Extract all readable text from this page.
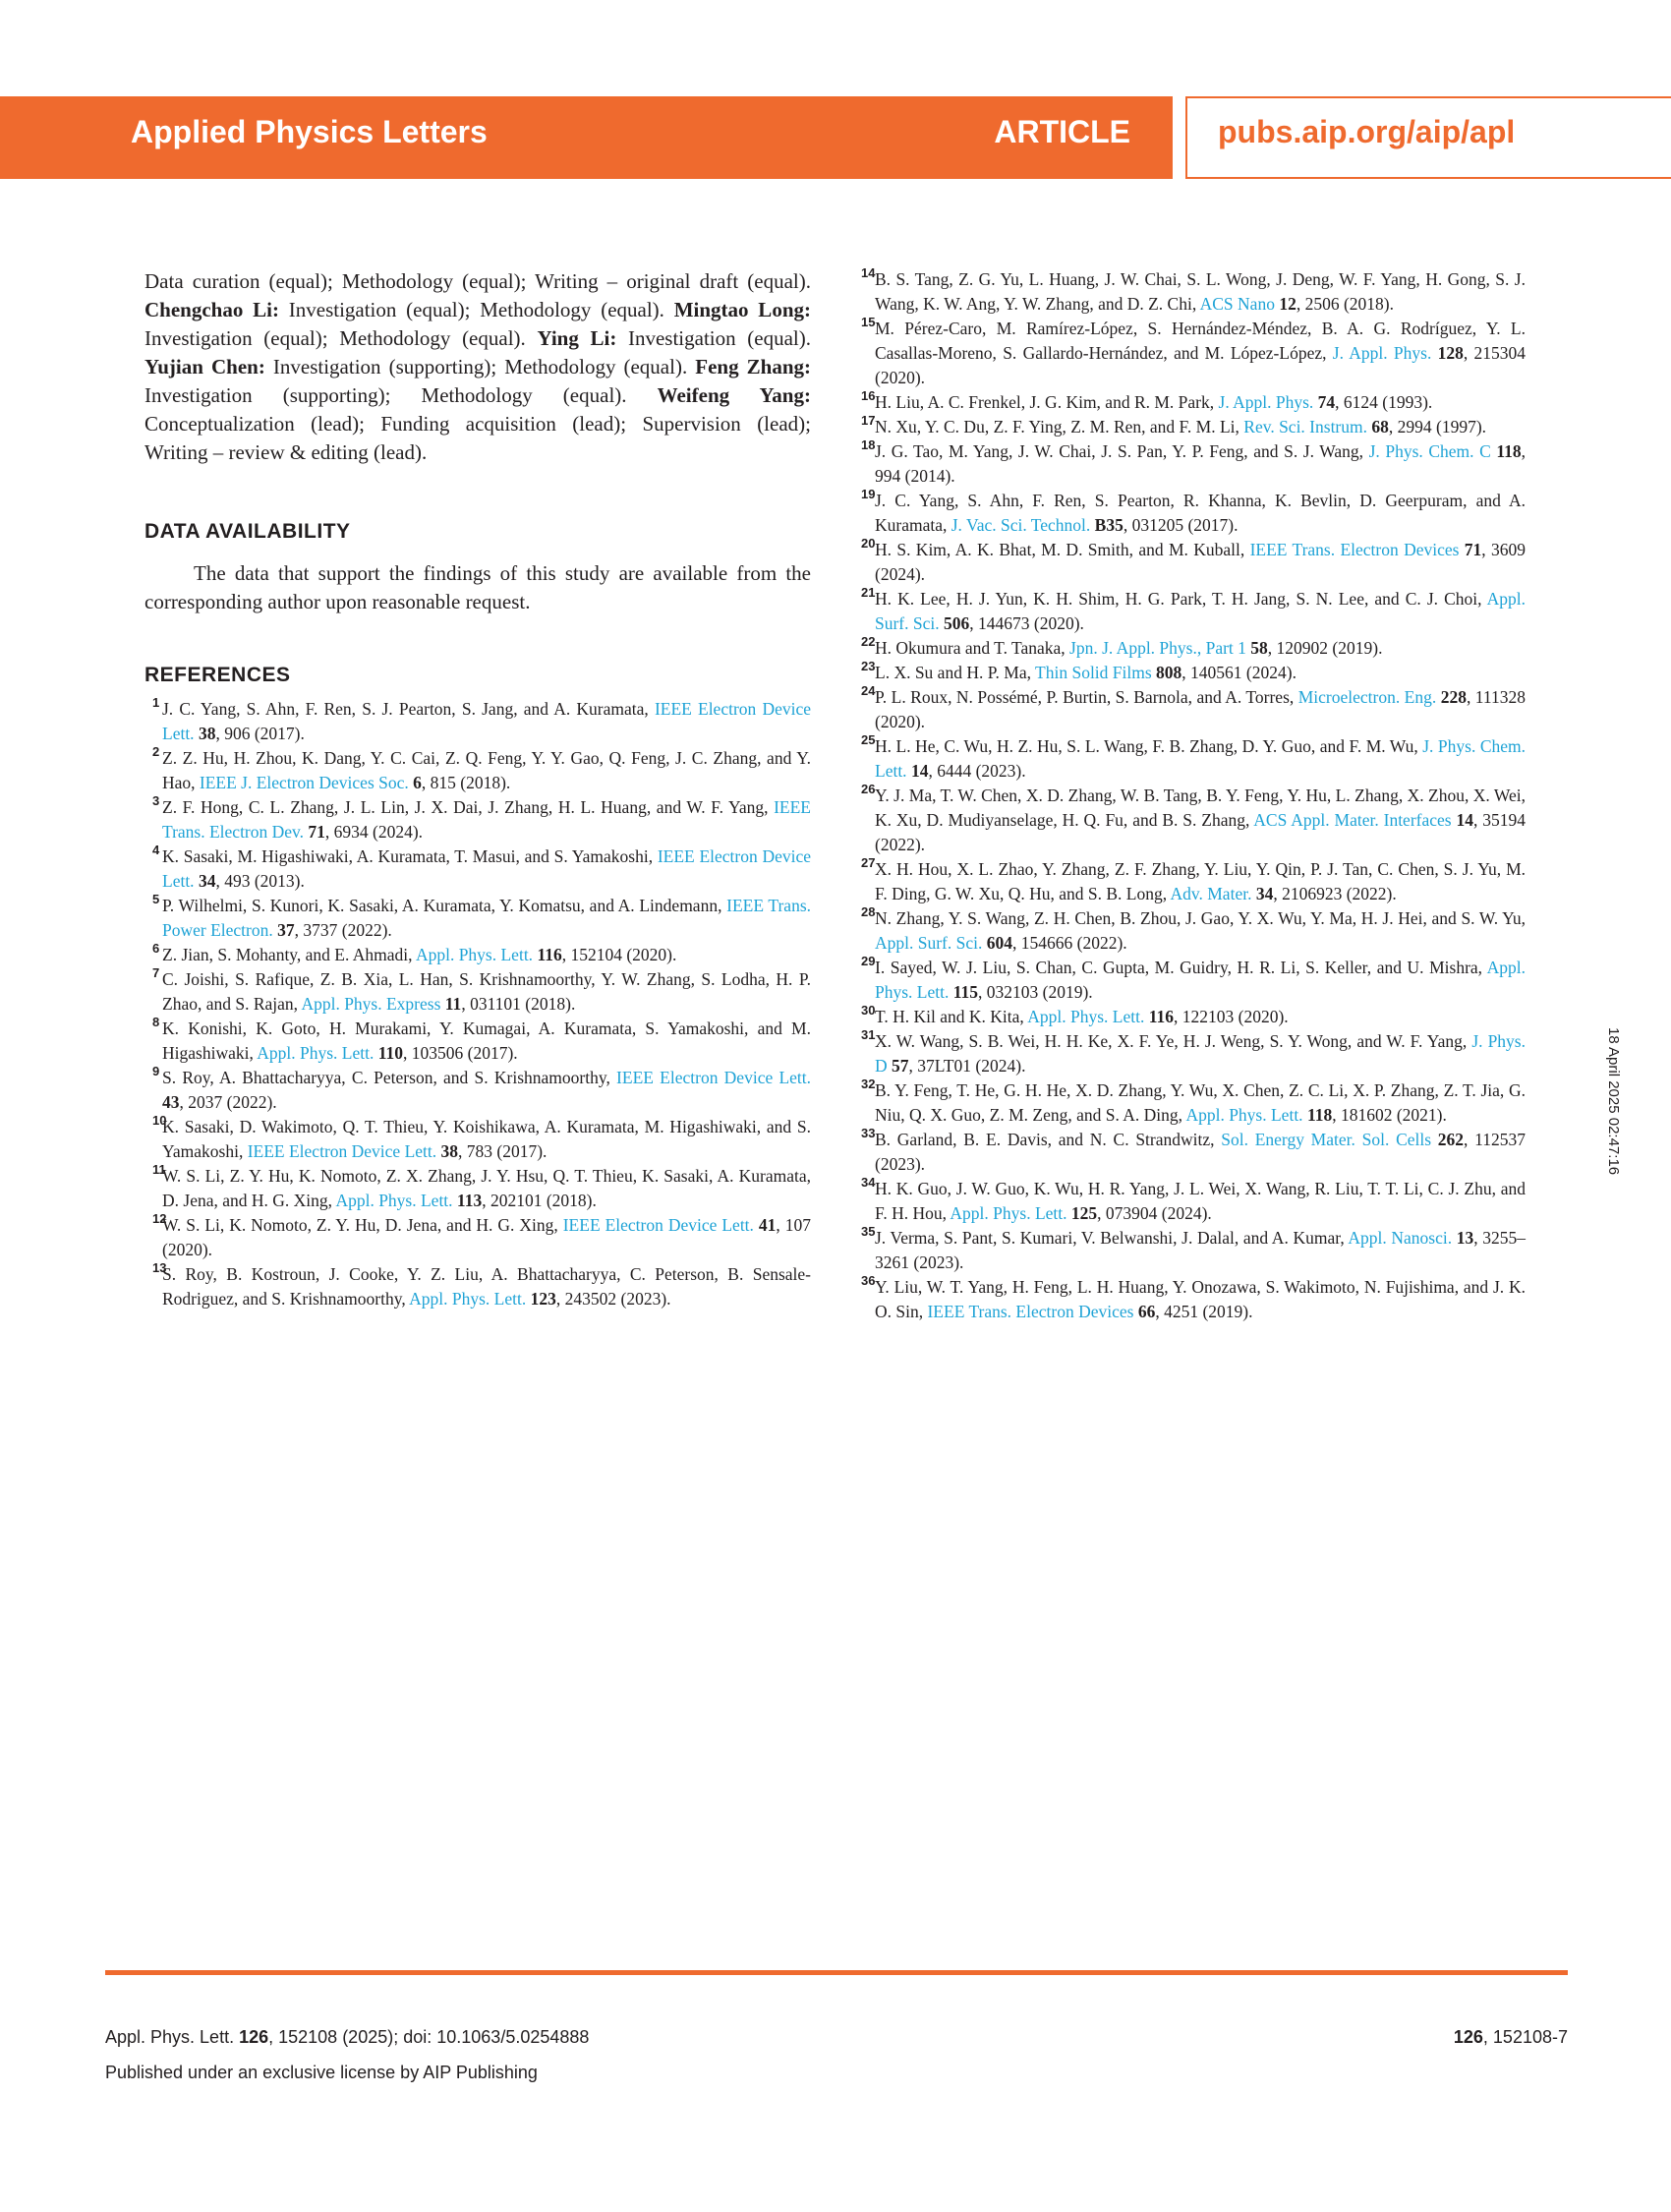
Applied Physics Letters	ARTICLE	pubs.aip.org/aip/apl

Data curation (equal); Methodology (equal); Writing – original draft (equal). Chengchao Li: Investigation (equal); Methodology (equal). Mingtao Long: Investigation (equal); Methodology (equal). Ying Li: Investigation (equal). Yujian Chen: Investigation (supporting); Methodology (equal). Feng Zhang: Investigation (supporting); Methodology (equal). Weifeng Yang: Conceptualization (lead); Funding acquisition (lead); Supervision (lead); Writing – review & editing (lead).

DATA AVAILABILITY

The data that support the findings of this study are available from the corresponding author upon reasonable request.

REFERENCES

1 J. C. Yang, S. Ahn, F. Ren, S. J. Pearton, S. Jang, and A. Kuramata, IEEE Electron Device Lett. 38, 906 (2017).

2 Z. Z. Hu, H. Zhou, K. Dang, Y. C. Cai, Z. Q. Feng, Y. Y. Gao, Q. Feng, J. C. Zhang, and Y. Hao, IEEE J. Electron Devices Soc. 6, 815 (2018).

3 Z. F. Hong, C. L. Zhang, J. L. Lin, J. X. Dai, J. Zhang, H. L. Huang, and W. F. Yang, IEEE Trans. Electron Dev. 71, 6934 (2024).

4 K. Sasaki, M. Higashiwaki, A. Kuramata, T. Masui, and S. Yamakoshi, IEEE Electron Device Lett. 34, 493 (2013).

5 P. Wilhelmi, S. Kunori, K. Sasaki, A. Kuramata, Y. Komatsu, and A. Lindemann, IEEE Trans. Power Electron. 37, 3737 (2022).

6 Z. Jian, S. Mohanty, and E. Ahmadi, Appl. Phys. Lett. 116, 152104 (2020).

7 C. Joishi, S. Rafique, Z. B. Xia, L. Han, S. Krishnamoorthy, Y. W. Zhang, S. Lodha, H. P. Zhao, and S. Rajan, Appl. Phys. Express 11, 031101 (2018).

8 K. Konishi, K. Goto, H. Murakami, Y. Kumagai, A. Kuramata, S. Yamakoshi, and M. Higashiwaki, Appl. Phys. Lett. 110, 103506 (2017).

9 S. Roy, A. Bhattacharyya, C. Peterson, and S. Krishnamoorthy, IEEE Electron Device Lett. 43, 2037 (2022).

10
K. Sasaki, D. Wakimoto, Q. T. Thieu, Y. Koishikawa, A. Kuramata, M. Higashiwaki, and S. Yamakoshi, IEEE Electron Device Lett. 38, 783 (2017).

11
W. S. Li, Z. Y. Hu, K. Nomoto, Z. X. Zhang, J. Y. Hsu, Q. T. Thieu, K. Sasaki, A. Kuramata, D. Jena, and H. G. Xing, Appl. Phys. Lett. 113, 202101 (2018).

12
W. S. Li, K. Nomoto, Z. Y. Hu, D. Jena, and H. G. Xing, IEEE Electron Device Lett. 41, 107 (2020).

13
S. Roy, B. Kostroun, J. Cooke, Y. Z. Liu, A. Bhattacharyya, C. Peterson, B. Sensale-Rodriguez, and S. Krishnamoorthy, Appl. Phys. Lett. 123, 243502 (2023).

14 B. S. Tang, Z. G. Yu, L. Huang, J. W. Chai, S. L. Wong, J. Deng, W. F. Yang, H. Gong, S. J. Wang, K. W. Ang, Y. W. Zhang, and D. Z. Chi, ACS Nano 12, 2506 (2018).

15 M. Pérez-Caro, M. Ramírez-López, S. Hernández-Méndez, B. A. G. Rodríguez, Y. L. Casallas-Moreno, S. Gallardo-Hernández, and M. López-López, J. Appl. Phys. 128, 215304 (2020).

16 H. Liu, A. C. Frenkel, J. G. Kim, and R. M. Park, J. Appl. Phys. 74, 6124 (1993).

17 N. Xu, Y. C. Du, Z. F. Ying, Z. M. Ren, and F. M. Li, Rev. Sci. Instrum. 68, 2994 (1997).

18 J. G. Tao, M. Yang, J. W. Chai, J. S. Pan, Y. P. Feng, and S. J. Wang, J. Phys. Chem. C 118, 994 (2014).

19 J. C. Yang, S. Ahn, F. Ren, S. Pearton, R. Khanna, K. Bevlin, D. Geerpuram, and A. Kuramata, J. Vac. Sci. Technol. B35, 031205 (2017).

20 H. S. Kim, A. K. Bhat, M. D. Smith, and M. Kuball, IEEE Trans. Electron Devices 71, 3609 (2024).

21 H. K. Lee, H. J. Yun, K. H. Shim, H. G. Park, T. H. Jang, S. N. Lee, and C. J. Choi, Appl. Surf. Sci. 506, 144673 (2020).

22 H. Okumura and T. Tanaka, Jpn. J. Appl. Phys., Part 1 58, 120902 (2019).

23 L. X. Su and H. P. Ma, Thin Solid Films 808, 140561 (2024).

24 P. L. Roux, N. Possémé, P. Burtin, S. Barnola, and A. Torres, Microelectron. Eng. 228, 111328 (2020).

25 H. L. He, C. Wu, H. Z. Hu, S. L. Wang, F. B. Zhang, D. Y. Guo, and F. M. Wu, J. Phys. Chem. Lett. 14, 6444 (2023).

26 Y. J. Ma, T. W. Chen, X. D. Zhang, W. B. Tang, B. Y. Feng, Y. Hu, L. Zhang, X. Zhou, X. Wei, K. Xu, D. Mudiyanselage, H. Q. Fu, and B. S. Zhang, ACS Appl. Mater. Interfaces 14, 35194 (2022).

27 X. H. Hou, X. L. Zhao, Y. Zhang, Z. F. Zhang, Y. Liu, Y. Qin, P. J. Tan, C. Chen, S. J. Yu, M. F. Ding, G. W. Xu, Q. Hu, and S. B. Long, Adv. Mater. 34, 2106923 (2022).

28 N. Zhang, Y. S. Wang, Z. H. Chen, B. Zhou, J. Gao, Y. X. Wu, Y. Ma, H. J. Hei, and S. W. Yu, Appl. Surf. Sci. 604, 154666 (2022).

29 I. Sayed, W. J. Liu, S. Chan, C. Gupta, M. Guidry, H. R. Li, S. Keller, and U. Mishra, Appl. Phys. Lett. 115, 032103 (2019).

30 T. H. Kil and K. Kita, Appl. Phys. Lett. 116, 122103 (2020).

31 X. W. Wang, S. B. Wei, H. H. Ke, X. F. Ye, H. J. Weng, S. Y. Wong, and W. F. Yang, J. Phys. D 57, 37LT01 (2024).

32 B. Y. Feng, T. He, G. H. He, X. D. Zhang, Y. Wu, X. Chen, Z. C. Li, X. P. Zhang, Z. T. Jia, G. Niu, Q. X. Guo, Z. M. Zeng, and S. A. Ding, Appl. Phys. Lett. 118, 181602 (2021).

33 B. Garland, B. E. Davis, and N. C. Strandwitz, Sol. Energy Mater. Sol. Cells 262, 112537 (2023).

34 H. K. Guo, J. W. Guo, K. Wu, H. R. Yang, J. L. Wei, X. Wang, R. Liu, T. T. Li, C. J. Zhu, and F. H. Hou, Appl. Phys. Lett. 125, 073904 (2024).

35 J. Verma, S. Pant, S. Kumari, V. Belwanshi, J. Dalal, and A. Kumar, Appl. Nanosci. 13, 3255–3261 (2023).

36 Y. Liu, W. T. Yang, H. Feng, L. H. Huang, Y. Onozawa, S. Wakimoto, N. Fujishima, and J. K. O. Sin, IEEE Trans. Electron Devices 66, 4251 (2019).

18 April 2025 02:47:16
Appl. Phys. Lett. 126, 152108 (2025); doi: 10.1063/5.0254888	126, 152108-7
Published under an exclusive license by AIP Publishing
